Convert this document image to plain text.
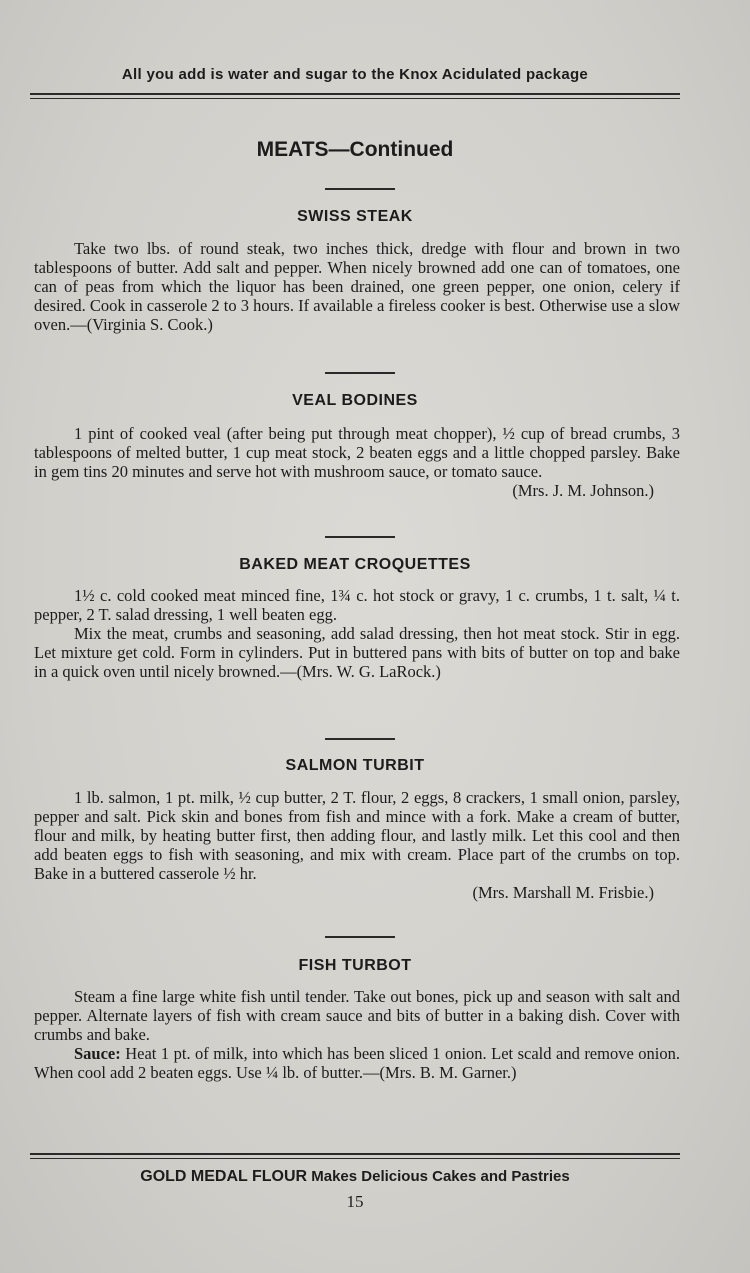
All you add is water and sugar to the Knox Acidulated package
MEATS—Continued
SWISS STEAK

Take two lbs. of round steak, two inches thick, dredge with flour and brown in two tablespoons of butter. Add salt and pepper. When nicely browned add one can of tomatoes, one can of peas from which the liquor has been drained, one green pepper, one onion, celery if desired. Cook in casserole 2 to 3 hours. If available a fireless cooker is best. Otherwise use a slow oven.—(Virginia S. Cook.)

VEAL BODINES

1 pint of cooked veal (after being put through meat chopper), ½ cup of bread crumbs, 3 tablespoons of melted butter, 1 cup meat stock, 2 beaten eggs and a little chopped parsley. Bake in gem tins 20 minutes and serve hot with mushroom sauce, or tomato sauce.

(Mrs. J. M. Johnson.)
BAKED MEAT CROQUETTES

1½ c. cold cooked meat minced fine, 1¾ c. hot stock or gravy, 1 c. crumbs, 1 t. salt, ¼ t. pepper, 2 T. salad dressing, 1 well beaten egg.

Mix the meat, crumbs and seasoning, add salad dressing, then hot meat stock. Stir in egg. Let mixture get cold. Form in cylinders. Put in buttered pans with bits of butter on top and bake in a quick oven until nicely browned.—(Mrs. W. G. LaRock.)

SALMON TURBIT

1 lb. salmon, 1 pt. milk, ½ cup butter, 2 T. flour, 2 eggs, 8 crackers, 1 small onion, parsley, pepper and salt. Pick skin and bones from fish and mince with a fork. Make a cream of butter, flour and milk, by heating butter first, then adding flour, and lastly milk. Let this cool and then add beaten eggs to fish with seasoning, and mix with cream. Place part of the crumbs on top. Bake in a buttered casserole ½ hr.

(Mrs. Marshall M. Frisbie.)
FISH TURBOT

Steam a fine large white fish until tender. Take out bones, pick up and season with salt and pepper. Alternate layers of fish with cream sauce and bits of butter in a baking dish. Cover with crumbs and bake.

Sauce: Heat 1 pt. of milk, into which has been sliced 1 onion. Let scald and remove onion. When cool add 2 beaten eggs. Use ¼ lb. of butter.—(Mrs. B. M. Garner.)

GOLD MEDAL FLOUR Makes Delicious Cakes and Pastries
15
